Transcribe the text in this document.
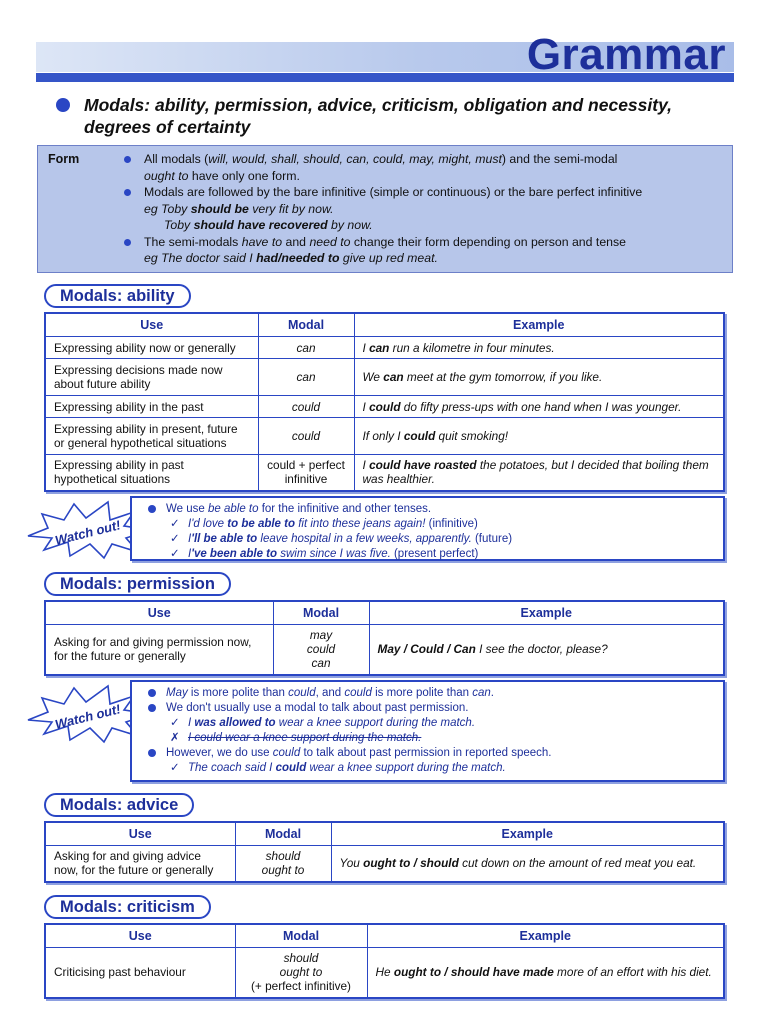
Grammar
Modals: ability, permission, advice, criticism, obligation and necessity, degrees of certainty
Form	All modals (will, would, shall, should, can, could, may, might, must) and the semi-modal
ought to have only one form.
Modals are followed by the bare infinitive (simple or continuous) or the bare perfect infinitive
eg Toby should be very fit by now.
Toby should have recovered by now.
The semi-modals have to and need to change their form depending on person and tense
eg The doctor said I had/needed to give up red meat.
Modals: ability
Use	Modal	Example
Expressing ability now or generally	can	I can run a kilometre in four minutes.
Expressing decisions made now about future ability	can	We can meet at the gym tomorrow, if you like.
Expressing ability in the past	could	I could do fifty press-ups with one hand when I was younger.
Expressing ability in present, future or general hypothetical situations	could	If only I could quit smoking!
Expressing ability in past hypothetical situations	could + perfect infinitive	I could have roasted the potatoes, but I decided that boiling them was healthier.
Watch out!
We use be able to for the infinitive and other tenses.
✓ I'd love to be able to fit into these jeans again! (infinitive)
✓ I'll be able to leave hospital in a few weeks, apparently. (future)
✓ I've been able to swim since I was five. (present perfect)
Modals: permission
Use	Modal	Example
Asking for and giving permission now, for the future or generally	may
could
can	May / Could / Can I see the doctor, please?
Watch out!
May is more polite than could, and could is more polite than can.
We don't usually use a modal to talk about past permission.
✓ I was allowed to wear a knee support during the match.
✗ I could wear a knee support during the match.
However, we do use could to talk about past permission in reported speech.
✓ The coach said I could wear a knee support during the match.
Modals: advice
Use	Modal	Example
Asking for and giving advice now, for the future or generally	should
ought to	You ought to / should cut down on the amount of red meat you eat.
Modals: criticism
Use	Modal	Example
Criticising past behaviour	should
ought to
(+ perfect infinitive)	He ought to / should have made more of an effort with his diet.
